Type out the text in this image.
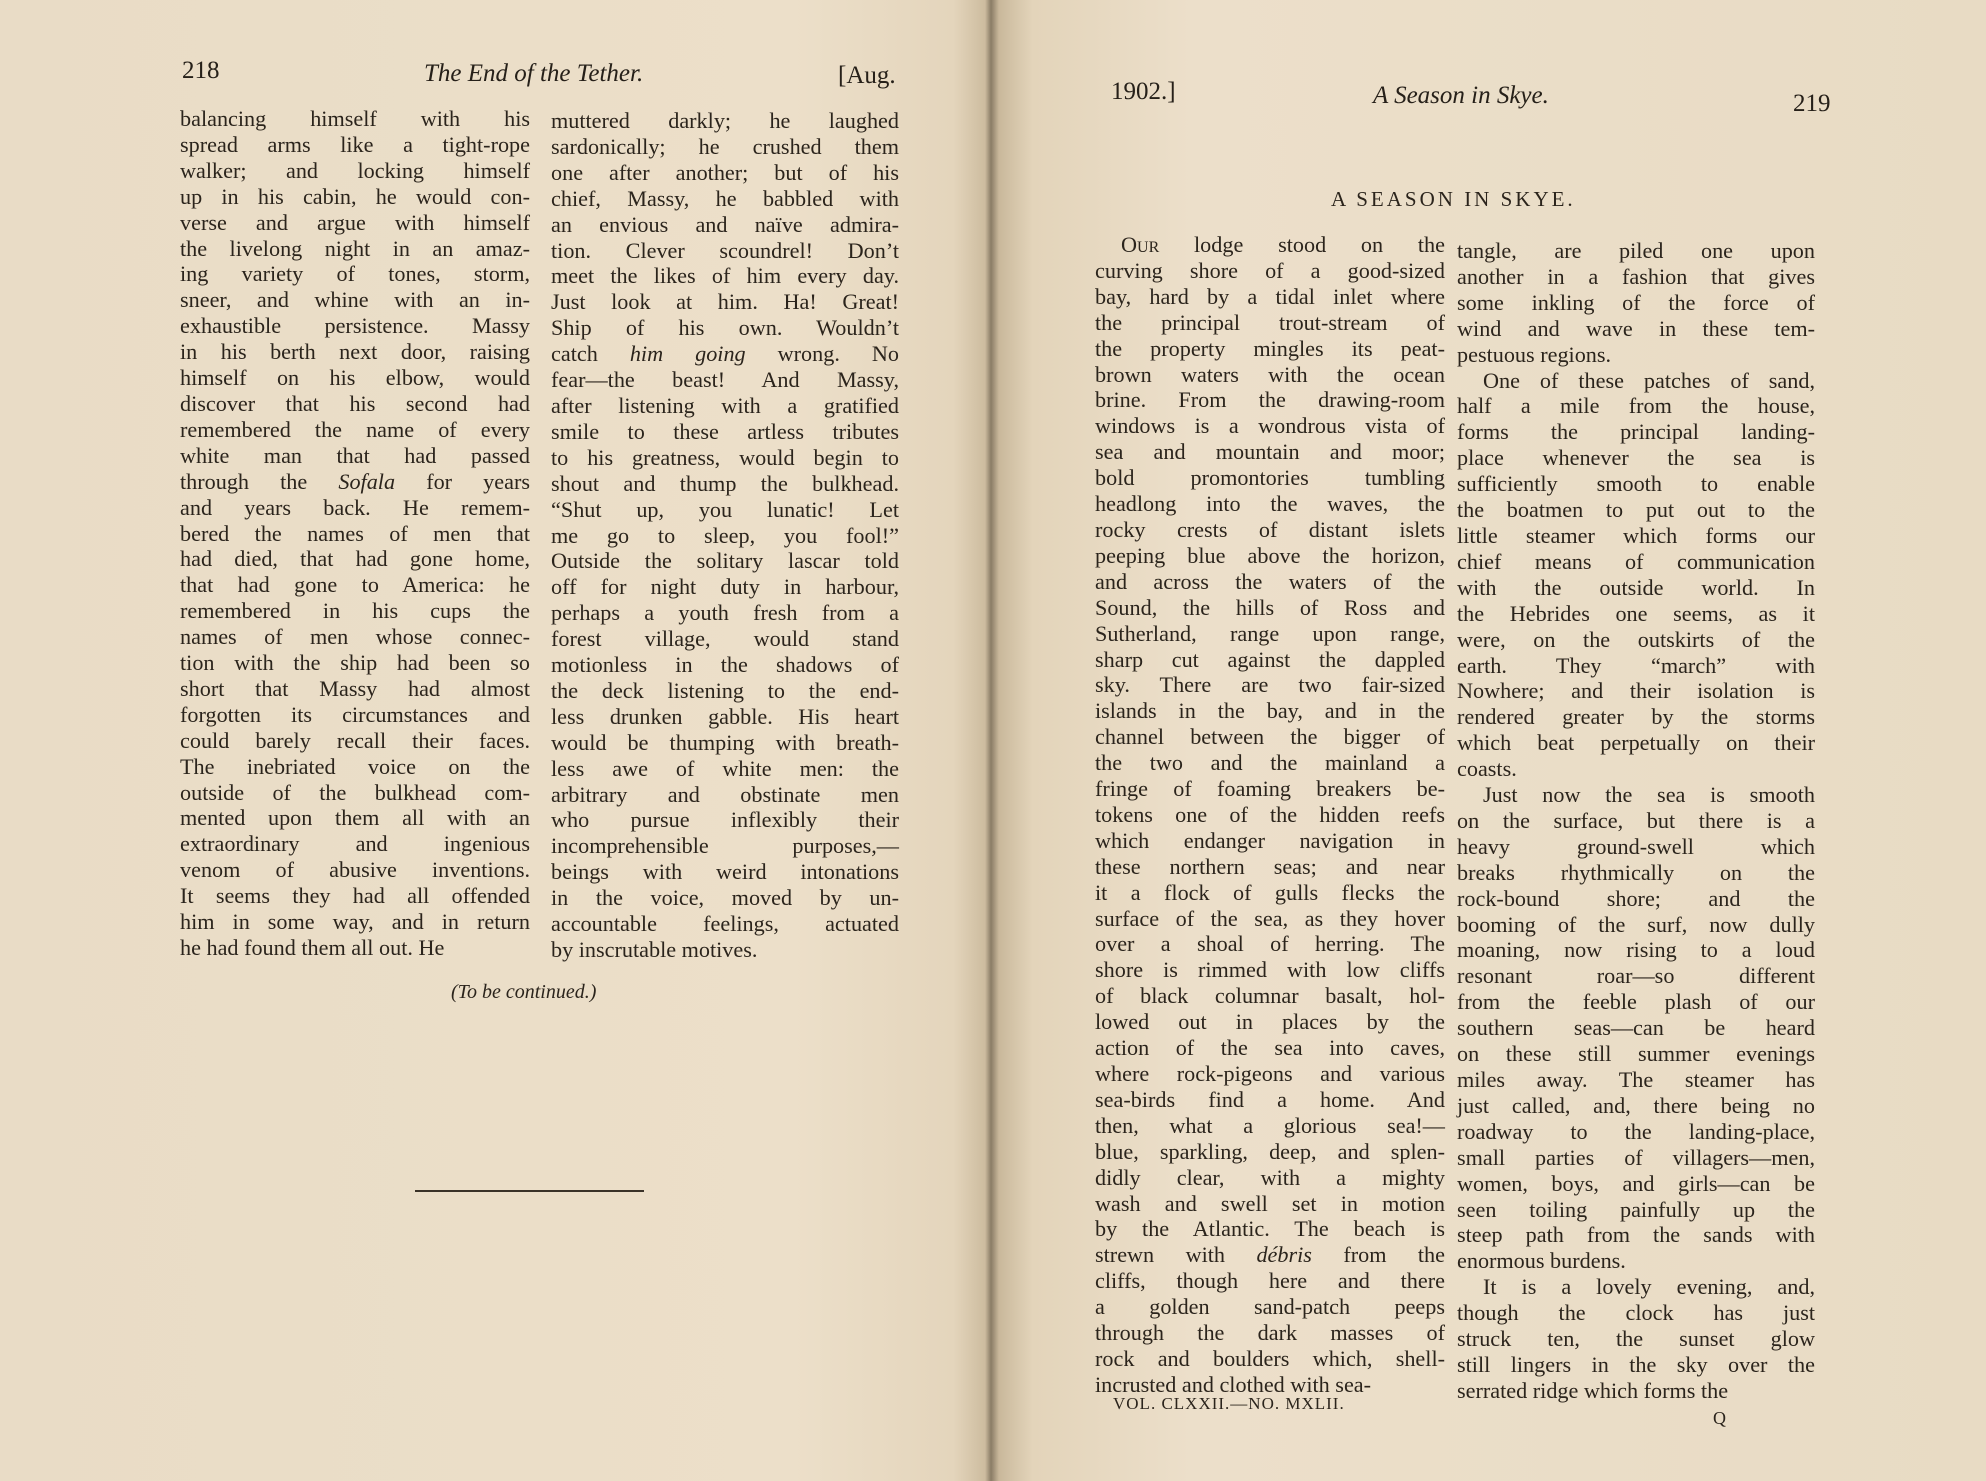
218	The End of the Tether.	[Aug.
balancing himself with his
spread arms like a tight-rope
walker; and locking himself
up in his cabin, he would con-
verse and argue with himself
the livelong night in an amaz-
ing variety of tones, storm,
sneer, and whine with an in-
exhaustible persistence. Massy
in his berth next door, raising
himself on his elbow, would
discover that his second had
remembered the name of every
white man that had passed
through the Sofala for years
and years back. He remem-
bered the names of men that
had died, that had gone home,
that had gone to America: he
remembered in his cups the
names of men whose connec-
tion with the ship had been so
short that Massy had almost
forgotten its circumstances and
could barely recall their faces.
The inebriated voice on the
outside of the bulkhead com-
mented upon them all with an
extraordinary and ingenious
venom of abusive inventions.
It seems they had all offended
him in some way, and in return
he had found them all out. He
muttered darkly; he laughed
sardonically; he crushed them
one after another; but of his
chief, Massy, he babbled with
an envious and naïve admira-
tion. Clever scoundrel! Don’t
meet the likes of him every day.
Just look at him. Ha! Great!
Ship of his own. Wouldn’t
catch him going wrong. No
fear—the beast! And Massy,
after listening with a gratified
smile to these artless tributes
to his greatness, would begin to
shout and thump the bulkhead.
“Shut up, you lunatic! Let
me go to sleep, you fool!”
Outside the solitary lascar told
off for night duty in harbour,
perhaps a youth fresh from a
forest village, would stand
motionless in the shadows of
the deck listening to the end-
less drunken gabble. His heart
would be thumping with breath-
less awe of white men: the
arbitrary and obstinate men
who pursue inflexibly their
incomprehensible purposes,—
beings with weird intonations
in the voice, moved by un-
accountable feelings, actuated
by inscrutable motives.
(To be continued.)
1902.]	A Season in Skye.	219
A SEASON IN SKYE.
Our lodge stood on the
curving shore of a good-sized
bay, hard by a tidal inlet where
the principal trout-stream of
the property mingles its peat-
brown waters with the ocean
brine. From the drawing-room
windows is a wondrous vista of
sea and mountain and moor;
bold promontories tumbling
headlong into the waves, the
rocky crests of distant islets
peeping blue above the horizon,
and across the waters of the
Sound, the hills of Ross and
Sutherland, range upon range,
sharp cut against the dappled
sky. There are two fair-sized
islands in the bay, and in the
channel between the bigger of
the two and the mainland a
fringe of foaming breakers be-
tokens one of the hidden reefs
which endanger navigation in
these northern seas; and near
it a flock of gulls flecks the
surface of the sea, as they hover
over a shoal of herring. The
shore is rimmed with low cliffs
of black columnar basalt, hol-
lowed out in places by the
action of the sea into caves,
where rock-pigeons and various
sea-birds find a home. And
then, what a glorious sea!—
blue, sparkling, deep, and splen-
didly clear, with a mighty
wash and swell set in motion
by the Atlantic. The beach is
strewn with débris from the
cliffs, though here and there
a golden sand-patch peeps
through the dark masses of
rock and boulders which, shell-
incrusted and clothed with sea-
tangle, are piled one upon
another in a fashion that gives
some inkling of the force of
wind and wave in these tem-
pestuous regions.
One of these patches of sand,
half a mile from the house,
forms the principal landing-
place whenever the sea is
sufficiently smooth to enable
the boatmen to put out to the
little steamer which forms our
chief means of communication
with the outside world. In
the Hebrides one seems, as it
were, on the outskirts of the
earth. They “march” with
Nowhere; and their isolation is
rendered greater by the storms
which beat perpetually on their
coasts.
Just now the sea is smooth
on the surface, but there is a
heavy ground-swell which
breaks rhythmically on the
rock-bound shore; and the
booming of the surf, now dully
moaning, now rising to a loud
resonant roar—so different
from the feeble plash of our
southern seas—can be heard
on these still summer evenings
miles away. The steamer has
just called, and, there being no
roadway to the landing-place,
small parties of villagers—men,
women, boys, and girls—can be
seen toiling painfully up the
steep path from the sands with
enormous burdens.
It is a lovely evening, and,
though the clock has just
struck ten, the sunset glow
still lingers in the sky over the
serrated ridge which forms the
VOL. CLXXII.—NO. MXLII.
Q
